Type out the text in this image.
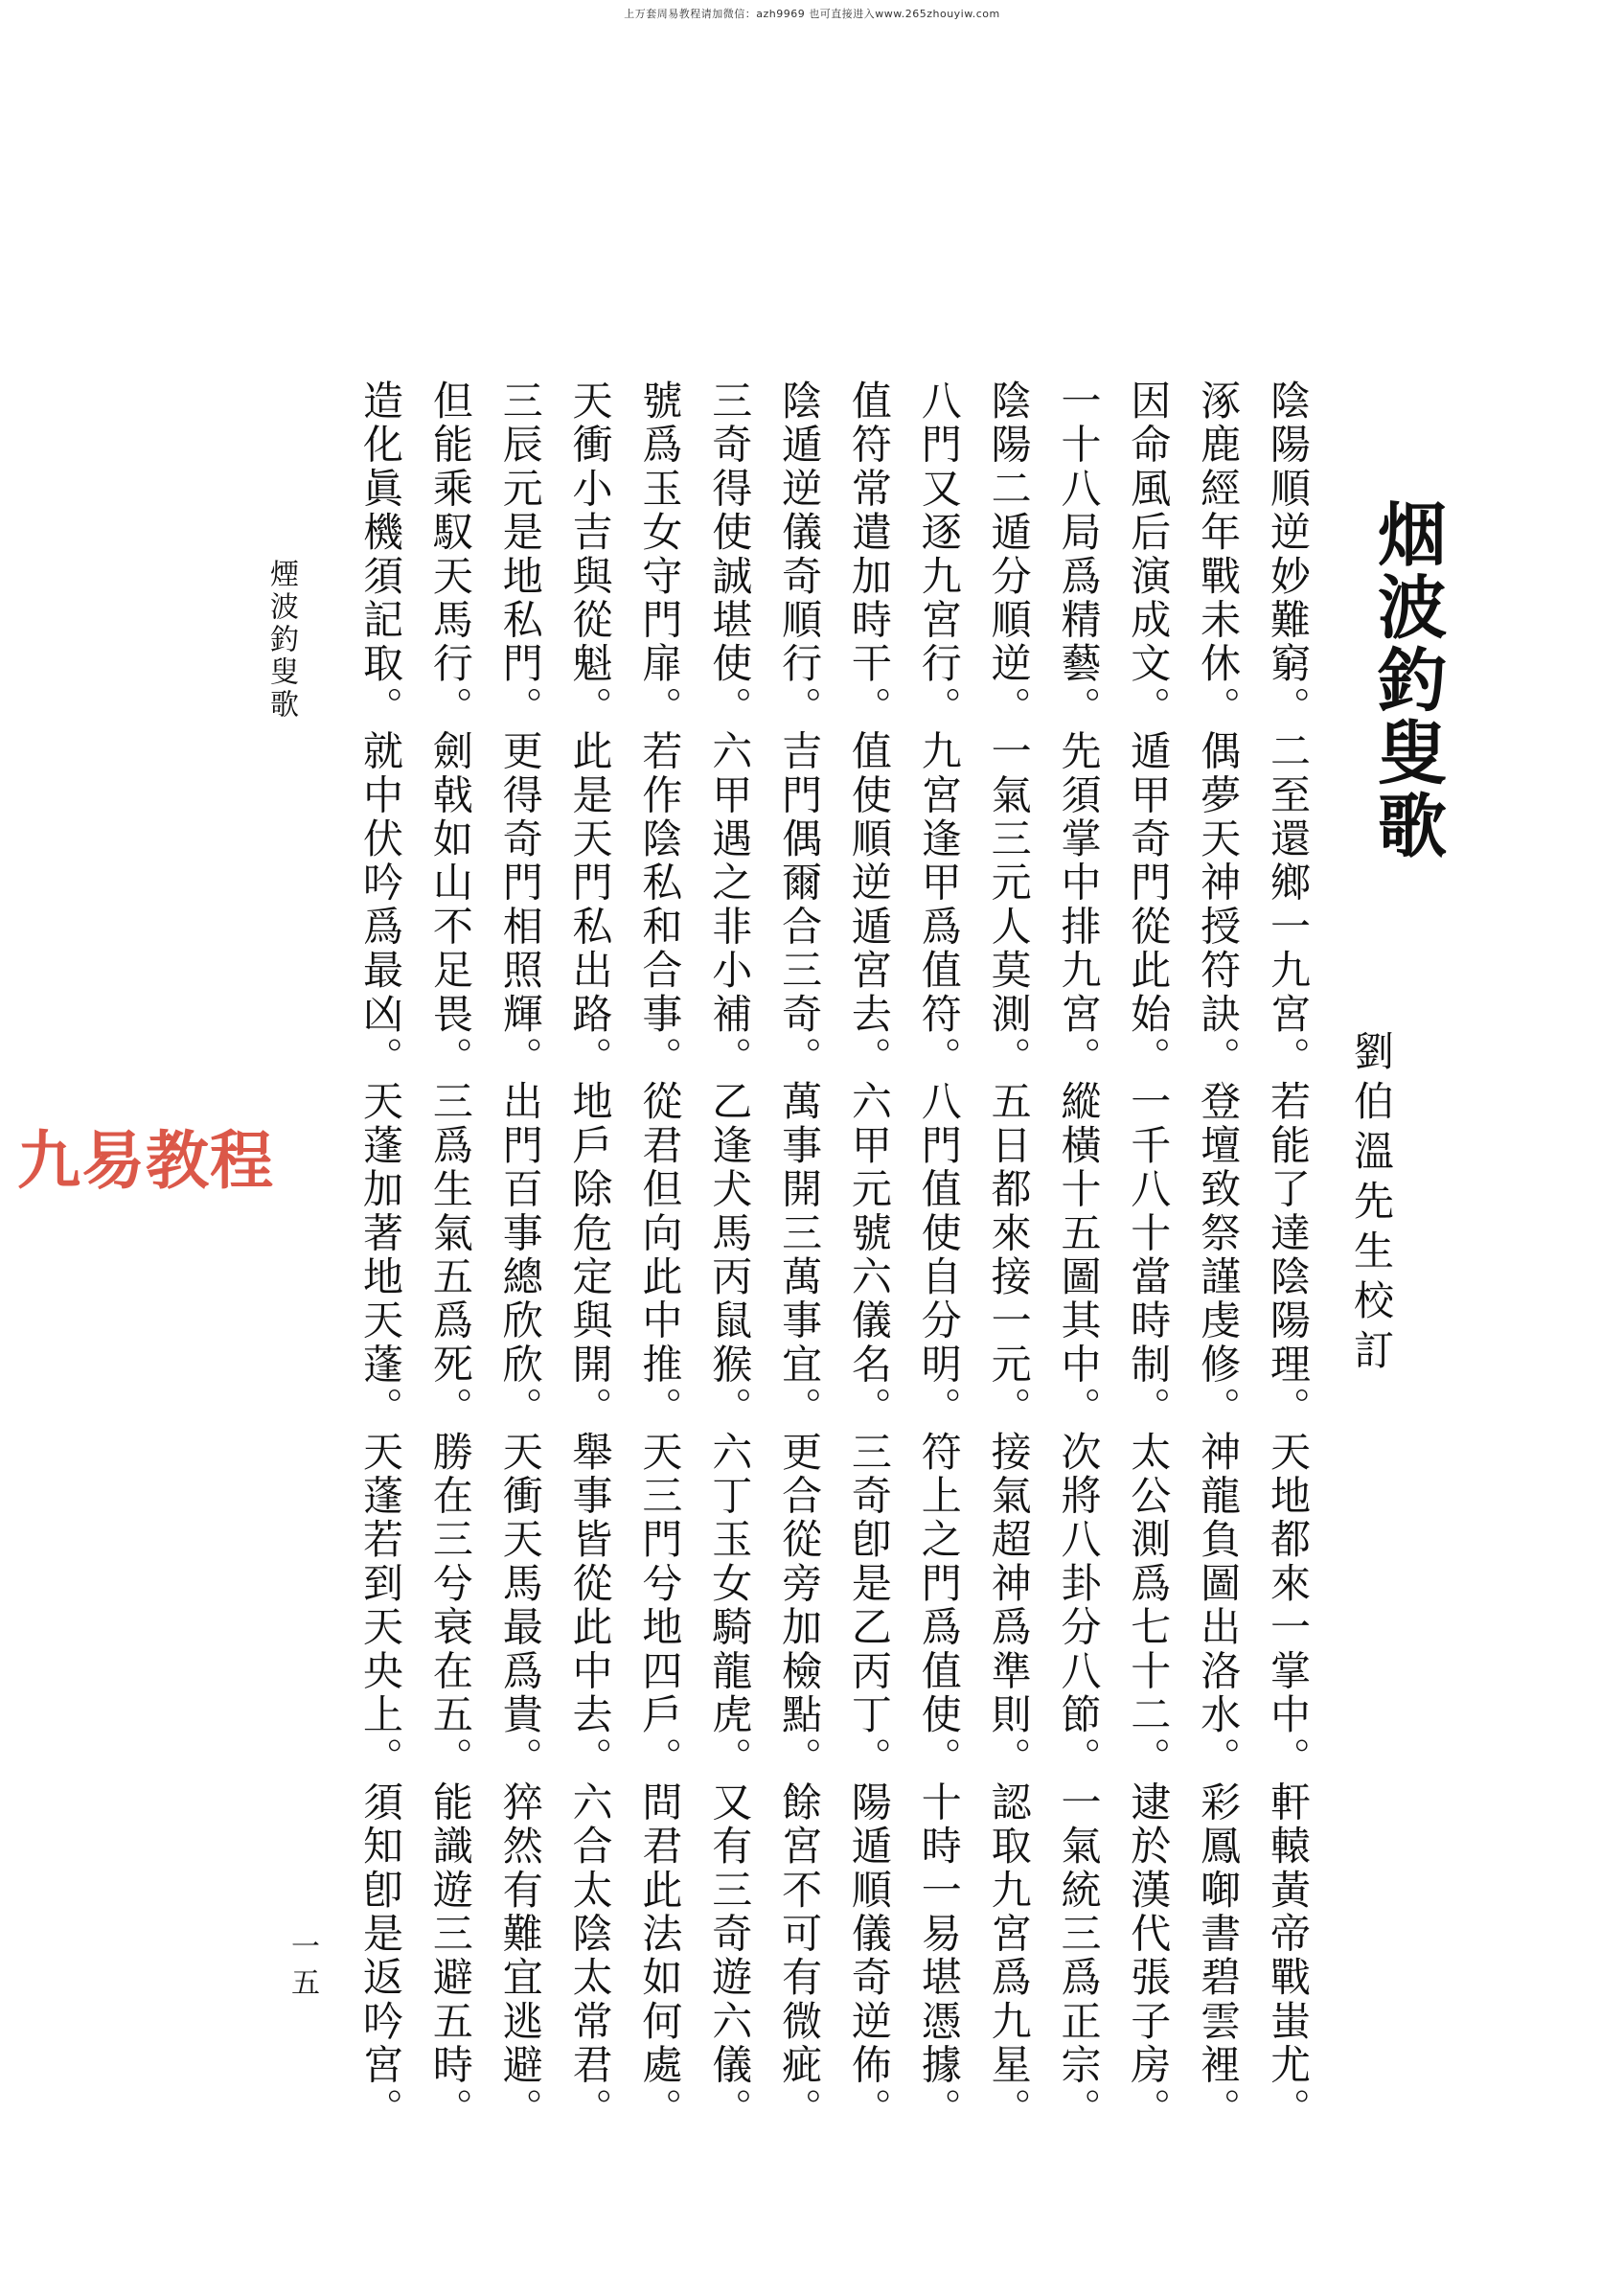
上万套周易教程请加微信：azh9969 也可直接进入www.265zhouyiw.com
烟波釣叟歌
劉伯溫先生校訂
陰陽順逆妙難窮。二至還鄉一九宮。若能了達陰陽理。天地都來一掌中。軒轅黃帝戰蚩尤。
涿鹿經年戰未休。偶夢天神授符訣。登壇致祭謹虔修。神龍負圖出洛水。彩鳳啣書碧雲裡。
因命風后演成文。遁甲奇門從此始。一千八十當時制。太公測爲七十二。逮於漢代張子房。
一十八局爲精藝。先須掌中排九宮。縱橫十五圖其中。次將八卦分八節。一氣統三爲正宗。
陰陽二遁分順逆。一氣三元人莫測。五日都來接一元。接氣超神爲準則。認取九宮爲九星。
八門又逐九宮行。九宮逢甲爲值符。八門值使自分明。符上之門爲值使。十時一易堪憑據。
值符常遣加時干。值使順逆遁宮去。六甲元號六儀名。三奇卽是乙丙丁。陽遁順儀奇逆佈。
陰遁逆儀奇順行。吉門偶爾合三奇。萬事開三萬事宜。更合從旁加檢點。餘宮不可有微疵。
三奇得使誠堪使。六甲遇之非小補。乙逢犬馬丙鼠猴。六丁玉女騎龍虎。又有三奇遊六儀。
號爲玉女守門扉。若作陰私和合事。從君但向此中推。天三門兮地四戶。問君此法如何處。
天衝小吉與從魁。此是天門私出路。地戶除危定與開。舉事皆從此中去。六合太陰太常君。
三辰元是地私門。更得奇門相照輝。出門百事總欣欣。天衝天馬最爲貴。猝然有難宜逃避。
但能乘馭天馬行。劍戟如山不足畏。三爲生氣五爲死。勝在三兮衰在五。能識遊三避五時。
造化眞機須記取。就中伏吟爲最凶。天蓬加著地天蓬。天蓬若到天央上。須知卽是返吟宮。
煙波釣叟歌
一五
九易教程
